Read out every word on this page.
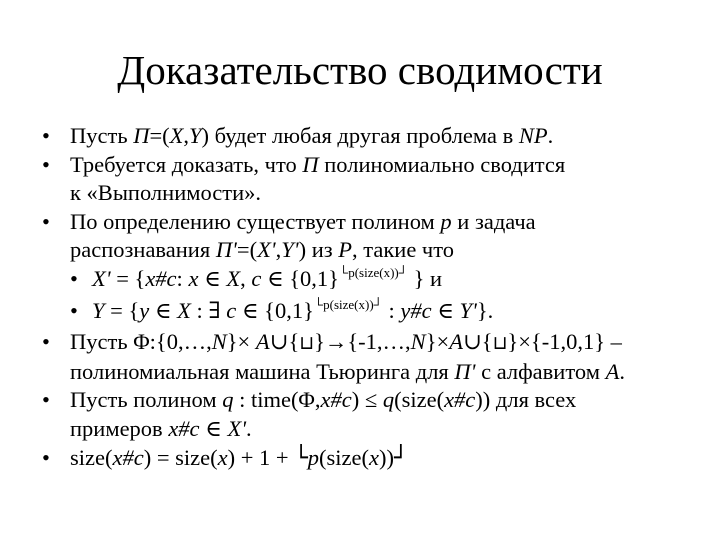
Доказательство сводимости
• Пусть П=(X,Y) будет любая другая проблема в NP.
• Требуется доказать, что П полиномиально сводится
к «Выполнимости».
• По определению существует полином p и задача
распознавания П'=(X',Y') из P, такие что
• X' = {x#c: x ∈ X, c ∈ $\{0,1\}^{└p(size(x))┘}$ } и
• Y = {y ∈ X : ∃ c ∈ $\{0,1\}^{└p(size(x))┘}$ : y#c ∈ Y'}.
• Пусть Φ:{0,…,N}× A∪{⊔}→{-1,…,N}×A∪{⊔}×{-1,0,1} –
полиномиальная машина Тьюринга для П' с алфавитом A.
• Пусть полином q : time(Φ,x#c) ≤ q(size(x#c)) для всех
примеров x#c ∈ X'.
• size(x#c) = size(x) + 1 + └p(size(x))┘
